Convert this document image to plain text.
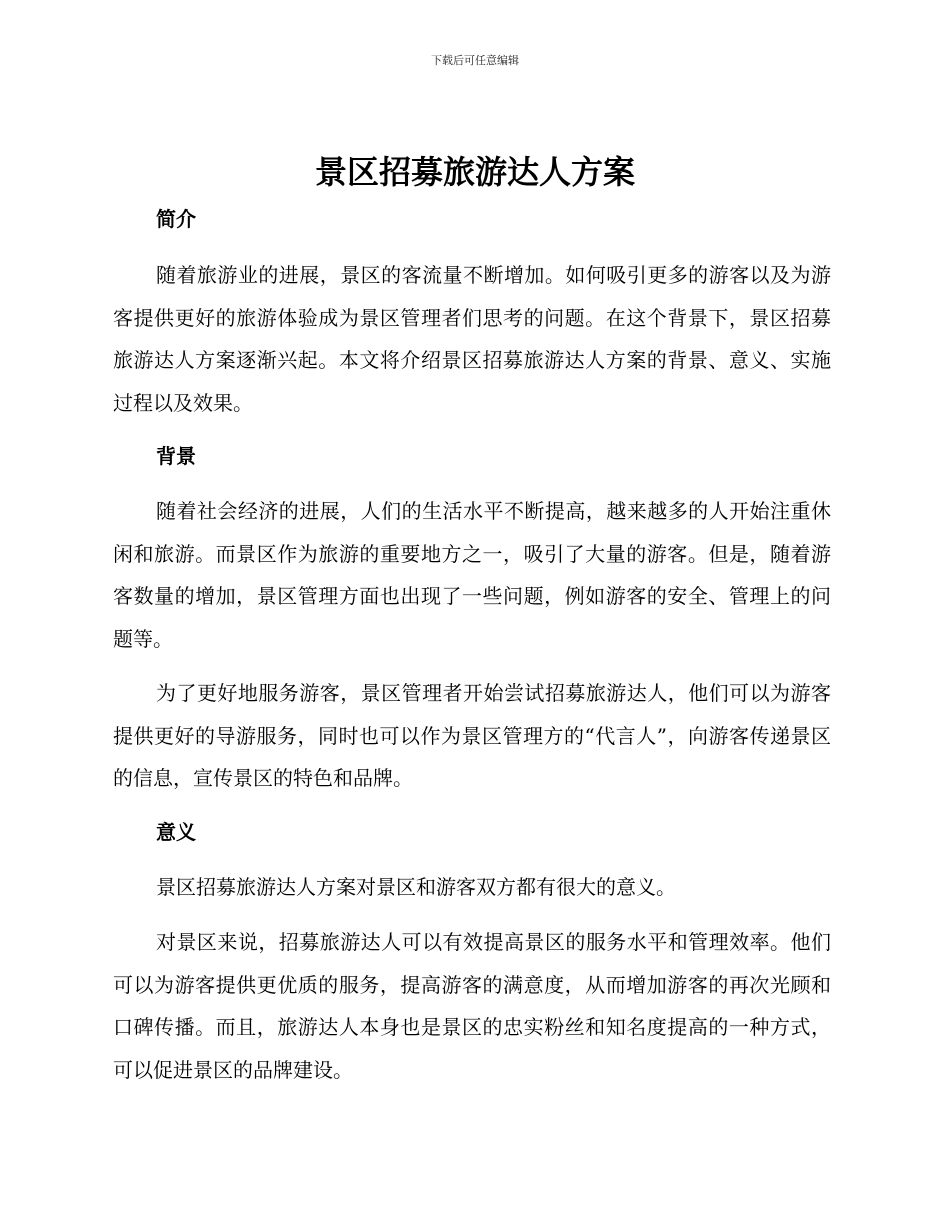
下载后可任意编辑
景区招募旅游达人方案
简介

随着旅游业的进展，景区的客流量不断增加。如何吸引更多的游客以及为游客提供更好的旅游体验成为景区管理者们思考的问题。在这个背景下，景区招募旅游达人方案逐渐兴起。本文将介绍景区招募旅游达人方案的背景、意义、实施过程以及效果。

背景

随着社会经济的进展，人们的生活水平不断提高，越来越多的人开始注重休闲和旅游。而景区作为旅游的重要地方之一，吸引了大量的游客。但是，随着游客数量的增加，景区管理方面也出现了一些问题，例如游客的安全、管理上的问题等。

为了更好地服务游客，景区管理者开始尝试招募旅游达人，他们可以为游客提供更好的导游服务，同时也可以作为景区管理方的“代言人”，向游客传递景区的信息，宣传景区的特色和品牌。

意义

景区招募旅游达人方案对景区和游客双方都有很大的意义。

对景区来说，招募旅游达人可以有效提高景区的服务水平和管理效率。他们可以为游客提供更优质的服务，提高游客的满意度，从而增加游客的再次光顾和口碑传播。而且，旅游达人本身也是景区的忠实粉丝和知名度提高的一种方式，可以促进景区的品牌建设。
